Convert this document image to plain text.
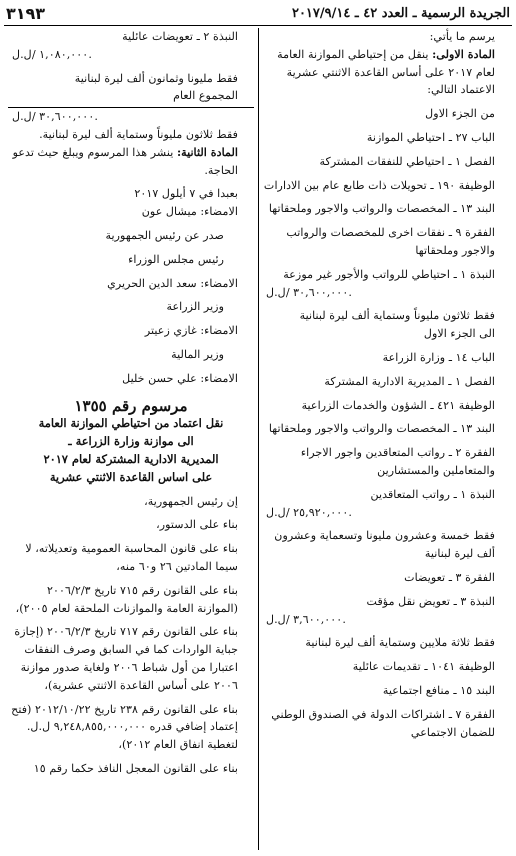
الجريدة الرسمية ـ العدد ٤٢ ـ ٢٠١٧/٩/١٤
٣١٩٣
يرسم ما يأتي:
المادة الاولى: ينقل من إحتياطي الموازنة العامة لعام ٢٠١٧ على أساس القاعدة الاثنتي عشرية الاعتماد التالي:
من الجزء الاول
الباب ٢٧ ـ احتياطي الموازنة
الفصل ١ ـ احتياطي للنفقات المشتركة
الوظيفة ١٩٠ ـ تحويلات ذات طابع عام بين الادارات
البند ١٣ ـ المخصصات والرواتب والاجور وملحقاتها
الفقرة ٩ ـ نفقات اخرى للمخصصات والرواتب والاجور وملحقاتها
النبذة ١ ـ احتياطي للرواتب والأجور غير موزعة
٣٠,٦٠٠,٠٠٠ /ل.ل.
فقط ثلاثون مليوناً وستماية ألف ليرة لبنانية
الى الجزء الاول
الباب ١٤ ـ وزارة الزراعة
الفصل ١ ـ المديرية الادارية المشتركة
الوظيفة ٤٢١ ـ الشؤون والخدمات الزراعية
البند ١٣ ـ المخصصات والرواتب والاجور وملحقاتها
الفقرة ٢ ـ رواتب المتعاقدين واجور الاجراء والمتعاملين والمستشارين
النبذة ١ ـ رواتب المتعاقدين
٢٥,٩٢٠,٠٠٠ /ل.ل.
فقط خمسة وعشرون مليونا وتسعماية وعشرون ألف ليرة لبنانية
الفقرة ٣ ـ تعويضات
النبذة ٣ ـ تعويض نقل مؤقت
٣,٦٠٠,٠٠٠ /ل.ل.
فقط ثلاثة ملايين وستماية ألف ليرة لبنانية
الوظيفة ١٠٤١ ـ تقديمات عائلية
البند ١٥ ـ منافع اجتماعية
الفقرة ٧ ـ اشتراكات الدولة في الصندوق الوطني للضمان الاجتماعي
النبذة ٢ ـ تعويضات عائلية
١,٠٨٠,٠٠٠ /ل.ل.
فقط مليونا وثمانون ألف ليرة لبنانية
المجموع العام
٣٠,٦٠٠,٠٠٠ /ل.ل.
فقط ثلاثون مليوناً وستماية ألف ليرة لبنانية.
المادة الثانية: ينشر هذا المرسوم ويبلغ حيث تدعو الحاجة.
بعبدا في ٧ أيلول ٢٠١٧
الامضاء: ميشال عون
صدر عن رئيس الجمهورية
رئيس مجلس الوزراء
الامضاء: سعد الدين الحريري
وزير الزراعة
الامضاء: غازي زعيتر
وزير المالية
الامضاء: علي حسن خليل
مرسوم رقم ١٣٥٥
نقل اعتماد من احتياطي الموازنة العامة
الى موازنة وزارة الزراعة ـ
المديرية الادارية المشتركة لعام ٢٠١٧
على اساس القاعدة الاثنتي عشرية
إن رئيس الجمهورية،
بناء على الدستور،
بناء على قانون المحاسبة العمومية وتعديلاته، لا سيما المادتين ٢٦ و٦٠ منه،
بناء على القانون رقم ٧١٥ تاريخ ٢٠٠٦/٢/٣ (الموازنة العامة والموازنات الملحقة لعام ٢٠٠٥)،
بناء على القانون رقم ٧١٧ تاريخ ٢٠٠٦/٢/٣ (إجازة جباية الواردات كما في السابق وصرف النفقات اعتبارا من أول شباط ٢٠٠٦ ولغاية صدور موازنة ٢٠٠٦ على أساس القاعدة الاثنتي عشرية)،
بناء على القانون رقم ٢٣٨ تاريخ ٢٠١٢/١٠/٢٢ (فتح إعتماد إضافي قدره ٩,٢٤٨,٨٥٥,٠٠٠,٠٠٠ ل.ل. لتغطية انفاق العام ٢٠١٢)،
بناء على القانون المعجل النافذ حكما رقم ١٥
